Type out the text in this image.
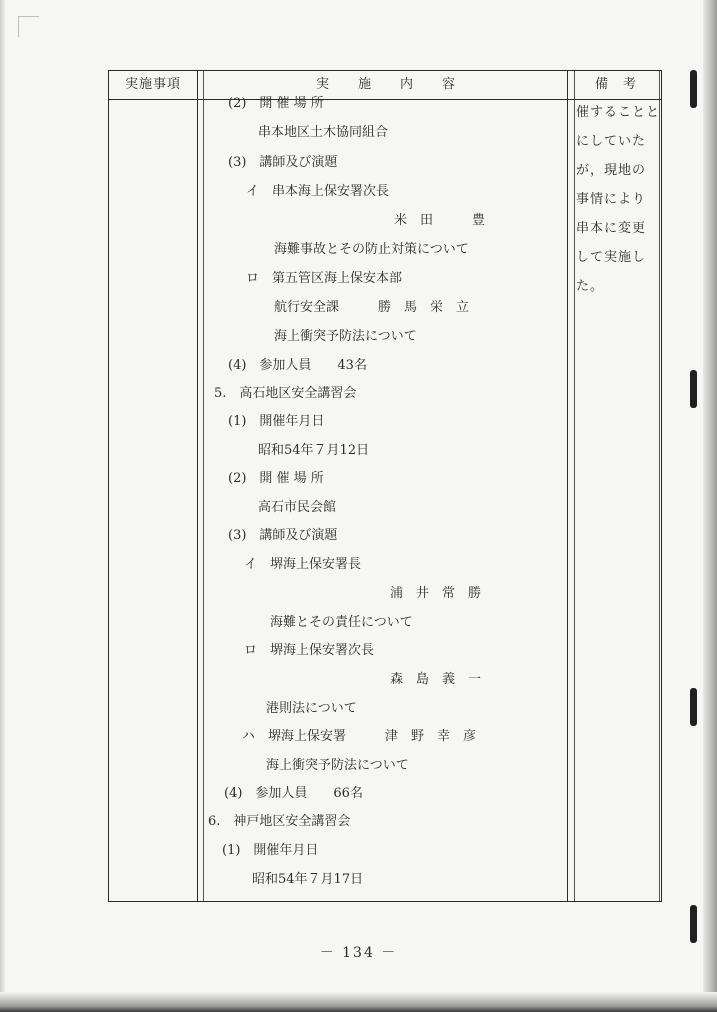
実施事項	実　　施　　内　　容	備　考
(2)　開 催 場 所
串本地区土木協同組合
(3)　講師及び演題
イ　串本海上保安署次長
米　田　　　豊
海難事故とその防止対策について
ロ　第五管区海上保安本部
航行安全課　　　勝　馬　栄　立
海上衝突予防法について
(4)　参加人員　　43名
5.　高石地区安全講習会
(1)　開催年月日
昭和54年７月12日
(2)　開 催 場 所
高石市民会館
(3)　講師及び演題
イ　堺海上保安署長
浦　井　常　勝
海難とその責任について
ロ　堺海上保安署次長
森　島　義　一
港則法について
ハ　堺海上保安署　　　津　野　幸　彦
海上衝突予防法について
(4)　参加人員　　66名
6.　神戸地区安全講習会
(1)　開催年月日
昭和54年７月17日
催することと
にしていた
が，現地の
事情により
串本に変更
して実施し
た。
－ 134 －
